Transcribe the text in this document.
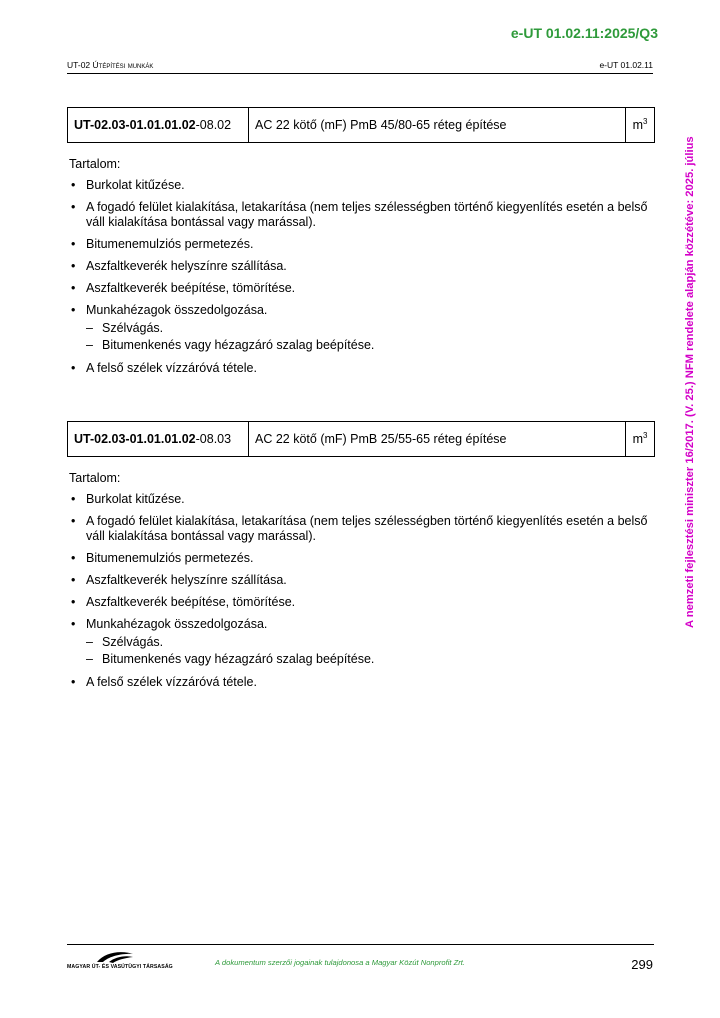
e-UT 01.02.11:2025/Q3
UT-02 Útépítési munkák	e-UT 01.02.11
A nemzeti fejlesztési miniszter 16/2017. (V. 25.) NFM rendelete alapján közzétéve: 2025. július
UT-02.03-01.01.01.02-08.02	AC 22 kötő (mF) PmB 45/80-65 réteg építése	$m^3$
Tartalom:
• Burkolat kitűzése.
• A fogadó felület kialakítása, letakarítása (nem teljes szélességben történő kiegyenlítés esetén a belső váll kialakítása bontással vagy marással).
• Bitumenemulziós permetezés.
• Aszfaltkeverék helyszínre szállítása.
• Aszfaltkeverék beépítése, tömörítése.
• Munkahézagok összedolgozása.
– Szélvágás.
– Bitumenkenés vagy hézagzáró szalag beépítése.
• A felső szélek vízzáróvá tétele.
UT-02.03-01.01.01.02-08.03	AC 22 kötő (mF) PmB 25/55-65 réteg építése	$m^3$
Tartalom:
• Burkolat kitűzése.
• A fogadó felület kialakítása, letakarítása (nem teljes szélességben történő kiegyenlítés esetén a belső váll kialakítása bontással vagy marással).
• Bitumenemulziós permetezés.
• Aszfaltkeverék helyszínre szállítása.
• Aszfaltkeverék beépítése, tömörítése.
• Munkahézagok összedolgozása.
– Szélvágás.
– Bitumenkenés vagy hézagzáró szalag beépítése.
• A felső szélek vízzáróvá tétele.
MAGYAR ÚT- ÉS VASÚTÜGYI TÁRSASÁG	A dokumentum szerzői jogainak tulajdonosa a Magyar Közút Nonprofit Zrt.	299
